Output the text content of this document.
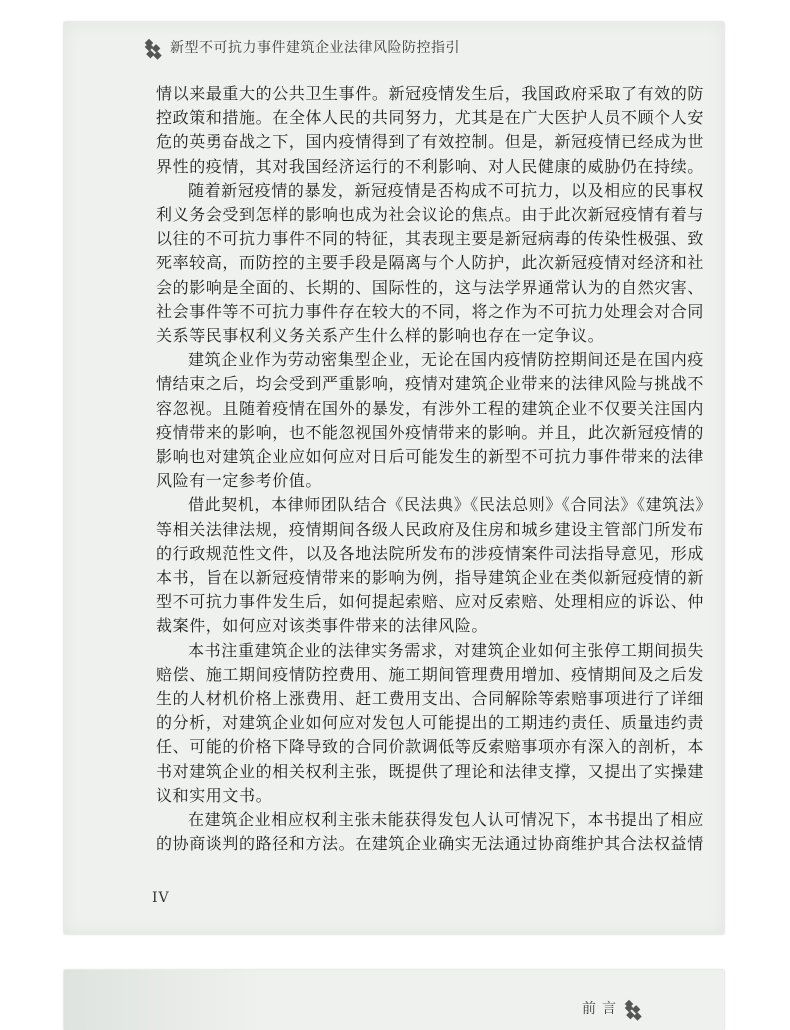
新型不可抗力事件建筑企业法律风险防控指引

情以来最重大的公共卫生事件。新冠疫情发生后，我国政府采取了有效的防控政策和措施。在全体人民的共同努力，尤其是在广大医护人员不顾个人安危的英勇奋战之下，国内疫情得到了有效控制。但是，新冠疫情已经成为世界性的疫情，其对我国经济运行的不利影响、对人民健康的威胁仍在持续。

随着新冠疫情的暴发，新冠疫情是否构成不可抗力，以及相应的民事权利义务会受到怎样的影响也成为社会议论的焦点。由于此次新冠疫情有着与以往的不可抗力事件不同的特征，其表现主要是新冠病毒的传染性极强、致死率较高，而防控的主要手段是隔离与个人防护，此次新冠疫情对经济和社会的影响是全面的、长期的、国际性的，这与法学界通常认为的自然灾害、社会事件等不可抗力事件存在较大的不同，将之作为不可抗力处理会对合同关系等民事权利义务关系产生什么样的影响也存在一定争议。

建筑企业作为劳动密集型企业，无论在国内疫情防控期间还是在国内疫情结束之后，均会受到严重影响，疫情对建筑企业带来的法律风险与挑战不容忽视。且随着疫情在国外的暴发，有涉外工程的建筑企业不仅要关注国内疫情带来的影响，也不能忽视国外疫情带来的影响。并且，此次新冠疫情的影响也对建筑企业应如何应对日后可能发生的新型不可抗力事件带来的法律风险有一定参考价值。

借此契机，本律师团队结合《民法典》《民法总则》《合同法》《建筑法》等相关法律法规，疫情期间各级人民政府及住房和城乡建设主管部门所发布的行政规范性文件，以及各地法院所发布的涉疫情案件司法指导意见，形成本书，旨在以新冠疫情带来的影响为例，指导建筑企业在类似新冠疫情的新型不可抗力事件发生后，如何提起索赔、应对反索赔、处理相应的诉讼、仲裁案件，如何应对该类事件带来的法律风险。

本书注重建筑企业的法律实务需求，对建筑企业如何主张停工期间损失赔偿、施工期间疫情防控费用、施工期间管理费用增加、疫情期间及之后发生的人材机价格上涨费用、赶工费用支出、合同解除等索赔事项进行了详细的分析，对建筑企业如何应对发包人可能提出的工期违约责任、质量违约责任、可能的价格下降导致的合同价款调低等反索赔事项亦有深入的剖析，本书对建筑企业的相关权利主张，既提供了理论和法律支撑，又提出了实操建议和实用文书。

在建筑企业相应权利主张未能获得发包人认可情况下，本书提出了相应的协商谈判的路径和方法。在建筑企业确实无法通过协商维护其合法权益情

IV
前言
